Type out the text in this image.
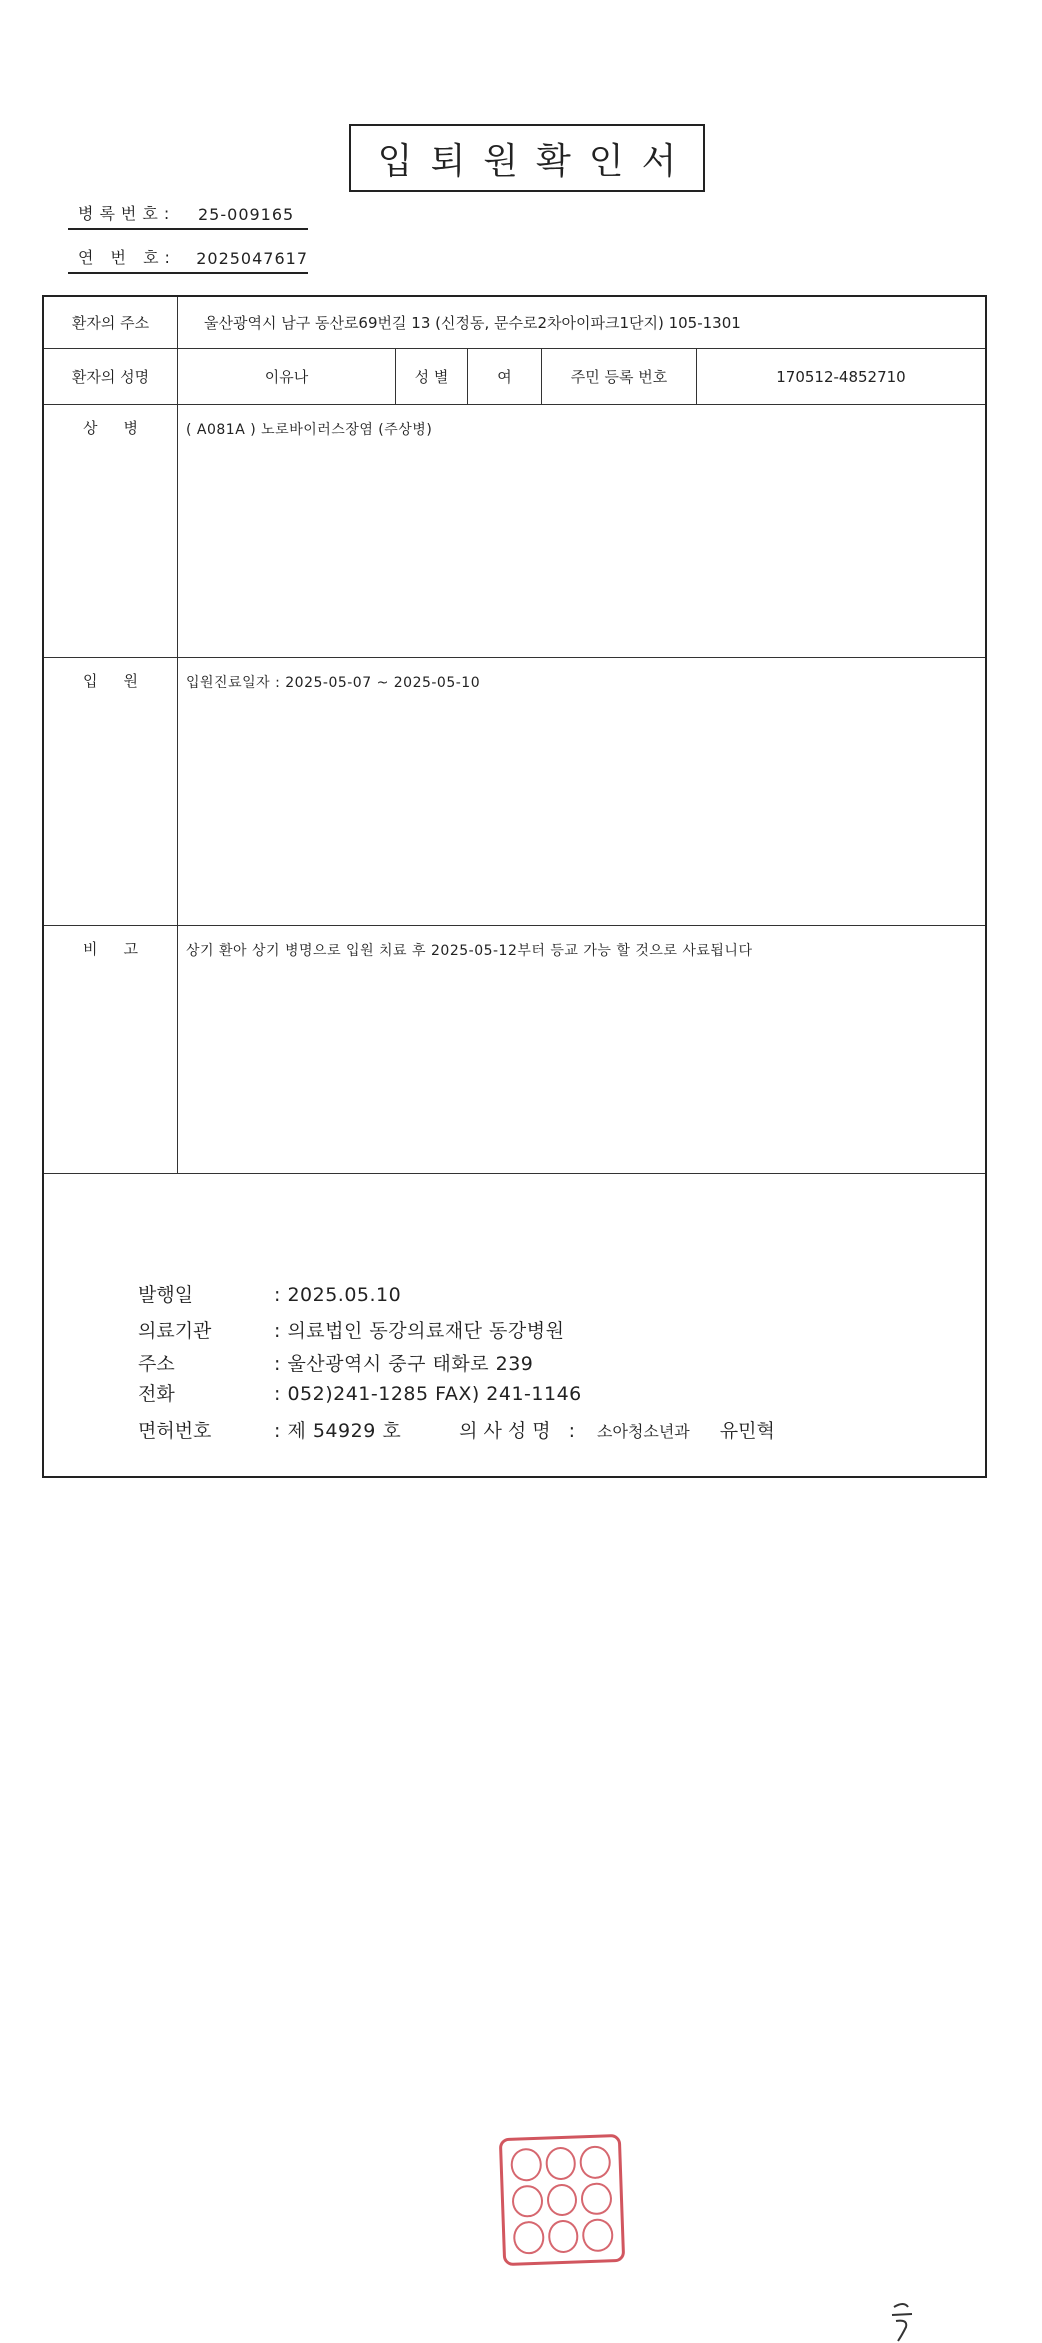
입퇴원확인서
병록번호:	25-009165
연 번 호:	2025047617
환자의 주소	울산광역시 남구 동산로69번길 13 (신정동, 문수로2차아이파크1단지) 105-1301
환자의 성명	이유나	성 별	여	주민 등록 번호	170512-4852710
상병	( A081A ) 노로바이러스장염 (주상병)
입원	입원진료일자 : 2025-05-07 ~ 2025-05-10
비고	상기 환아 상기 병명으로 입원 치료 후 2025-05-12부터 등교 가능 할 것으로 사료됩니다
발행일	: 2025.05.10
의료기관	: 의료법인 동강의료재단 동강병원
주소	: 울산광역시 중구 태화로 239
전화	: 052)241-1285 FAX) 241-1146
면허번호	: 제 54929 호	의사성명 : 소아청소년과 유민혁
